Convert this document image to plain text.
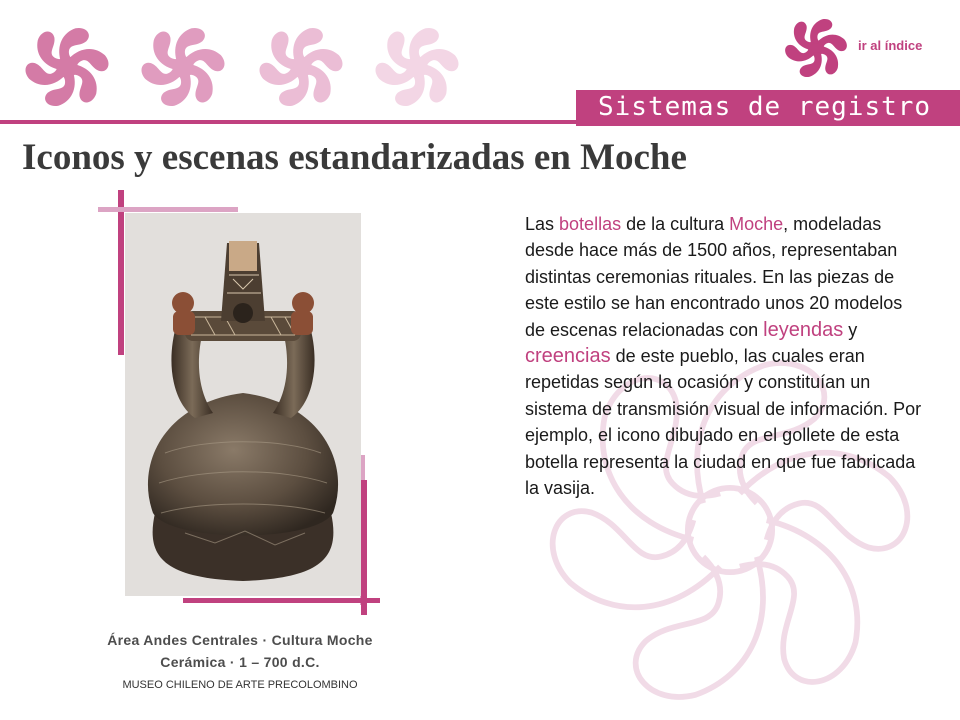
ir al índice
Sistemas de registro
Iconos y escenas estandarizadas en Moche

Las botellas de la cultura Moche, modeladas desde hace más de 1500 años, representaban distintas ceremonias rituales. En las piezas de este estilo se han encontrado unos 20 modelos de escenas relacionadas con leyendas y creencias de este pueblo, las cuales eran repetidas según la ocasión y constituían un sistema de transmisión visual de información. Por ejemplo, el icono dibujado en el gollete de esta botella representa la ciudad en que fue fabricada la vasija.

Área Andes Centrales · Cultura Moche
Cerámica · 1 – 700 d.C.
MUSEO CHILENO DE ARTE PRECOLOMBINO
